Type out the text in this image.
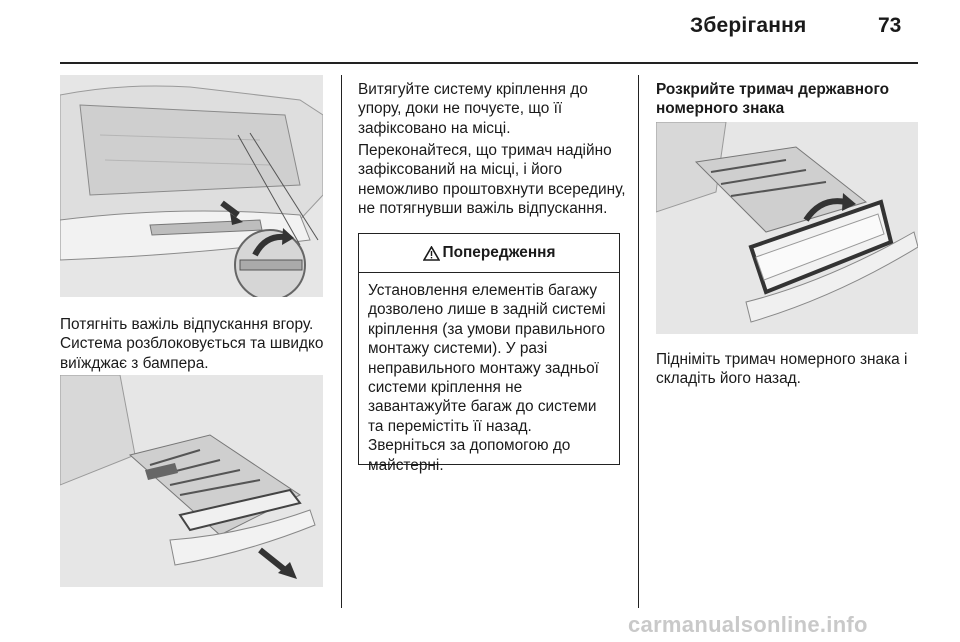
Зберігання	73

Потягніть важіль відпускання вгору. Система розблоковується та швидко виїжджає з бампера.

Витягуйте систему кріплення до упору, доки не почуєте, що її зафіксовано на місці.

Переконайтеся, що тримач надійно зафіксований на місці, і його неможливо проштовхнути всередину, не потягнувши важіль відпускання.

Попередження
Установлення елементів багажу дозволено лише в задній системі кріплення (за умови правильного монтажу системи). У разі неправильного монтажу задньої системи кріплення не завантажуйте багаж до системи та перемістіть її назад. Зверніться за допомогою до майстерні.

Розкрийте тримач державного номерного знака

Підніміть тримач номерного знака і складіть його назад.

carmanualsonline.info
